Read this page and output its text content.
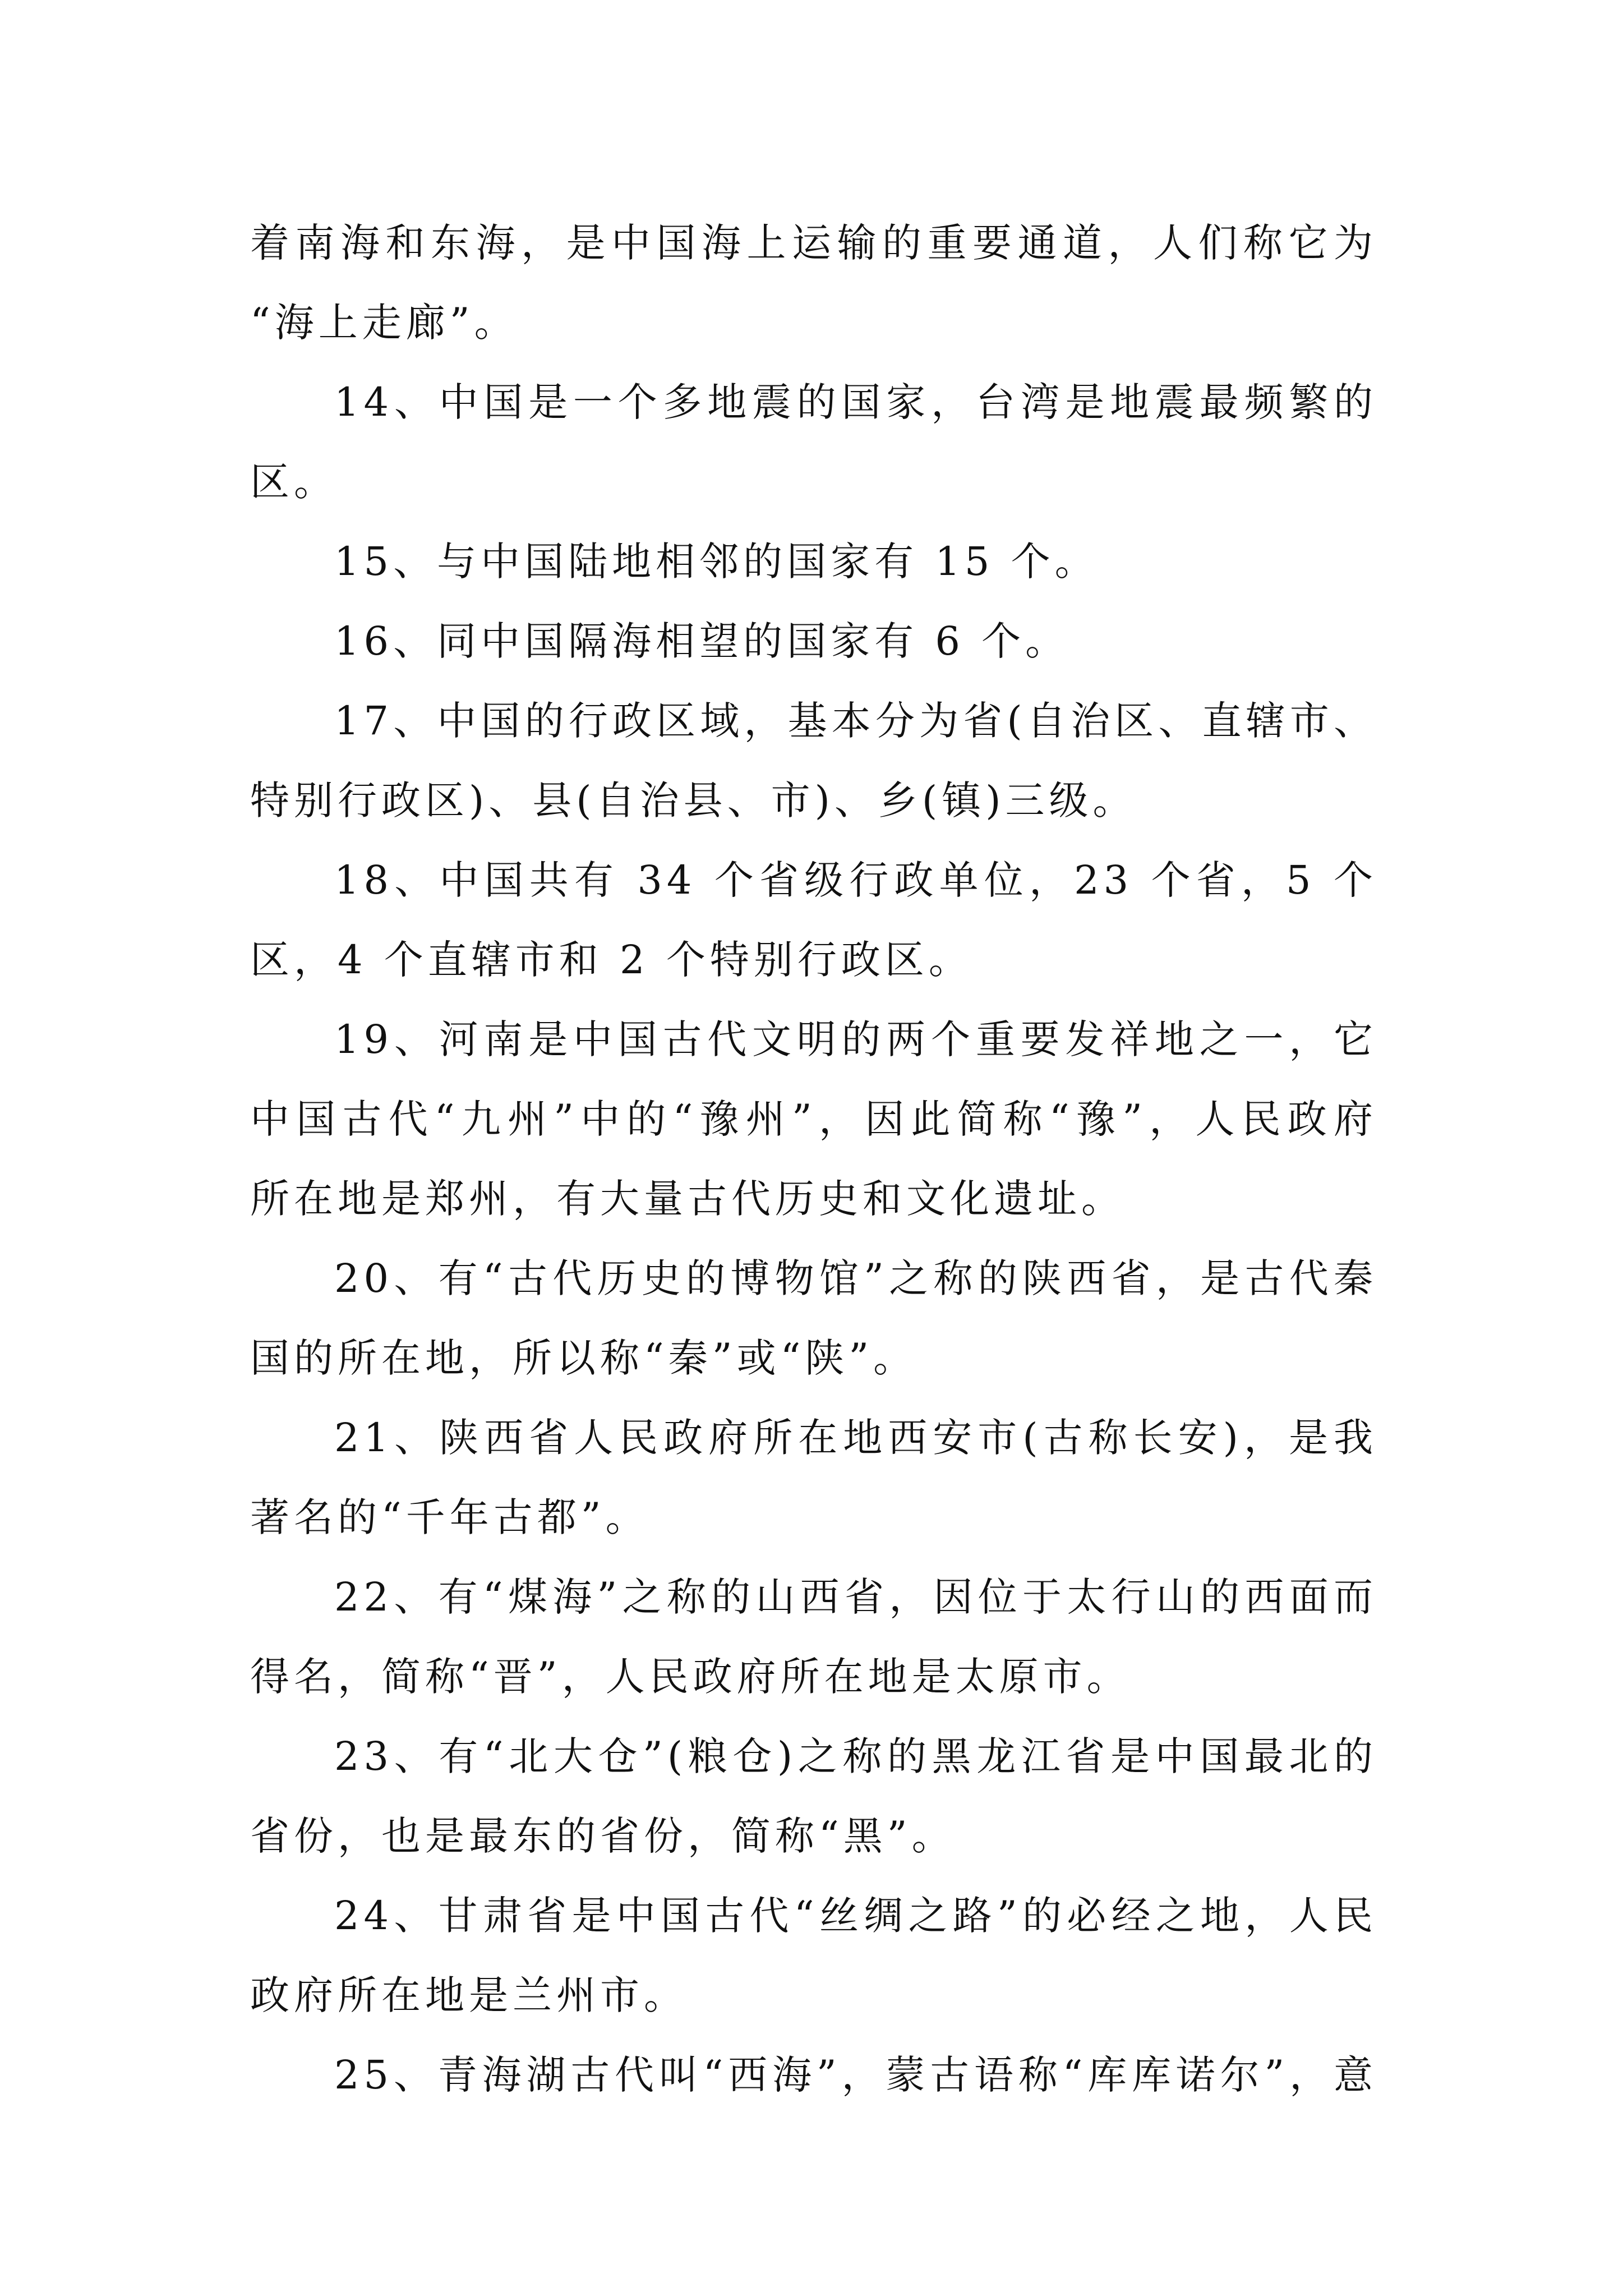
着南海和东海，是中国海上运输的重要通道，人们称它为
“海上走廊”。
14、中国是一个多地震的国家，台湾是地震最频繁的
区。
15、与中国陆地相邻的国家有 15 个。
16、同中国隔海相望的国家有 6 个。
17、中国的行政区域，基本分为省(自治区、直辖市、
特别行政区)、县(自治县、市)、乡(镇)三级。
18、中国共有 34 个省级行政单位，23 个省，5 个
区，4 个直辖市和 2 个特别行政区。
19、河南是中国古代文明的两个重要发祥地之一，它
中国古代“九州”中的“豫州”，因此简称“豫”，人民政府
所在地是郑州，有大量古代历史和文化遗址。
20、有“古代历史的博物馆”之称的陕西省，是古代秦
国的所在地，所以称“秦”或“陕”。
21、陕西省人民政府所在地西安市(古称长安)，是我
著名的“千年古都”。
22、有“煤海”之称的山西省，因位于太行山的西面而
得名，简称“晋”，人民政府所在地是太原市。
23、有“北大仓”(粮仓)之称的黑龙江省是中国最北的
省份，也是最东的省份，简称“黑”。
24、甘肃省是中国古代“丝绸之路”的必经之地，人民
政府所在地是兰州市。
25、青海湖古代叫“西海”，蒙古语称“库库诺尔”，意
